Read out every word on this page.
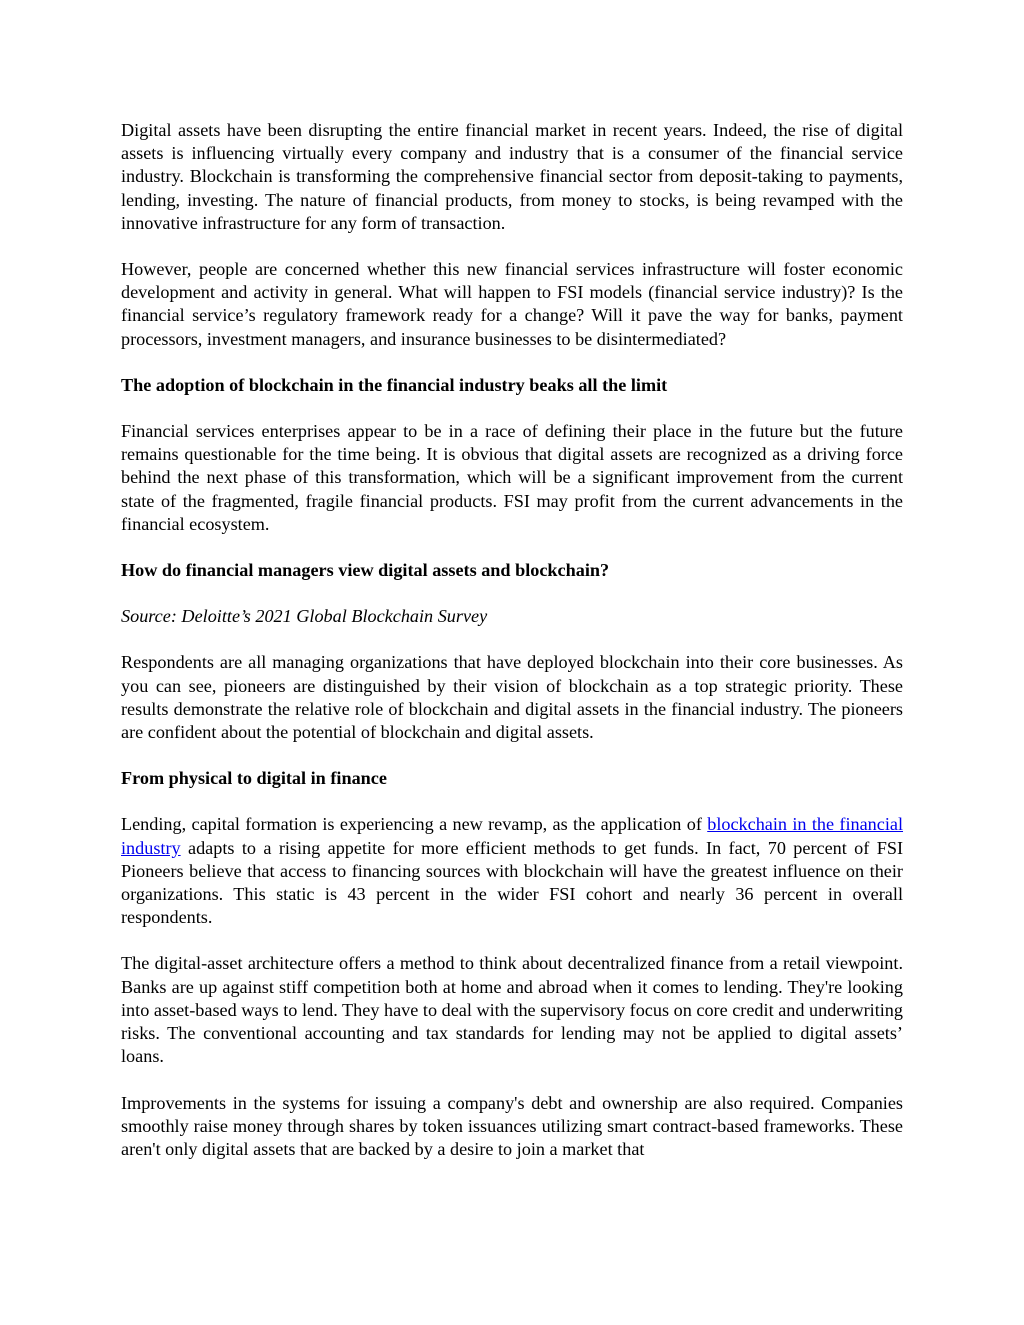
Digital assets have been disrupting the entire financial market in recent years. Indeed, the rise of digital assets is influencing virtually every company and industry that is a consumer of the financial service industry. Blockchain is transforming the comprehensive financial sector from deposit-taking to payments, lending, investing. The nature of financial products, from money to stocks, is being revamped with the innovative infrastructure for any form of transaction.

However, people are concerned whether this new financial services infrastructure will foster economic development and activity in general. What will happen to FSI models (financial service industry)? Is the financial service’s regulatory framework ready for a change? Will it pave the way for banks, payment processors, investment managers, and insurance businesses to be disintermediated?

The adoption of blockchain in the financial industry beaks all the limit

Financial services enterprises appear to be in a race of defining their place in the future but the future remains questionable for the time being. It is obvious that digital assets are recognized as a driving force behind the next phase of this transformation, which will be a significant improvement from the current state of the fragmented, fragile financial products. FSI may profit from the current advancements in the financial ecosystem.

How do financial managers view digital assets and blockchain?

Source: Deloitte’s 2021 Global Blockchain Survey

Respondents are all managing organizations that have deployed blockchain into their core businesses. As you can see, pioneers are distinguished by their vision of blockchain as a top strategic priority. These results demonstrate the relative role of blockchain and digital assets in the financial industry. The pioneers are confident about the potential of blockchain and digital assets.

From physical to digital in finance

Lending, capital formation is experiencing a new revamp, as the application of blockchain in the financial industry adapts to a rising appetite for more efficient methods to get funds. In fact, 70 percent of FSI Pioneers believe that access to financing sources with blockchain will have the greatest influence on their organizations. This static is 43 percent in the wider FSI cohort and nearly 36 percent in overall respondents.

The digital-asset architecture offers a method to think about decentralized finance from a retail viewpoint. Banks are up against stiff competition both at home and abroad when it comes to lending. They're looking into asset-based ways to lend. They have to deal with the supervisory focus on core credit and underwriting risks. The conventional accounting and tax standards for lending may not be applied to digital assets’ loans.

Improvements in the systems for issuing a company's debt and ownership are also required. Companies smoothly raise money through shares by token issuances utilizing smart contract-based frameworks. These aren't only digital assets that are backed by a desire to join a market that
